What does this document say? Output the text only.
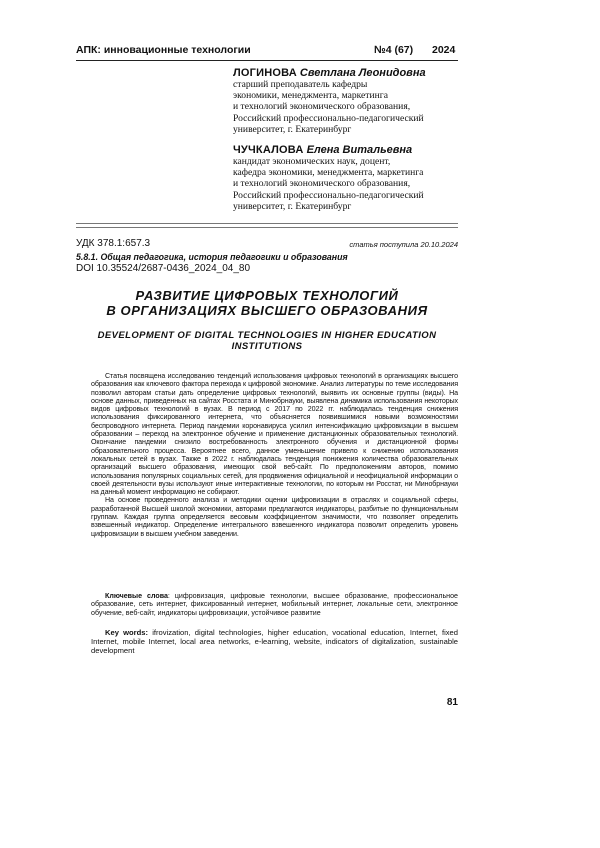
АПК: инновационные технологии	№4 (67) 2024
ЛОГИНОВА Светлана Леонидовна
старший преподаватель кафедры
экономики, менеджмента, маркетинга
и технологий экономического образования,
Российский профессионально-педагогический
университет, г. Екатеринбург
ЧУЧКАЛОВА Елена Витальевна
кандидат экономических наук, доцент,
кафедра экономики, менеджмента, маркетинга
и технологий экономического образования,
Российский профессионально-педагогический
университет, г. Екатеринбург
УДК 378.1:657.3	статья поступила 20.10.2024
5.8.1. Общая педагогика, история педагогики и образования
DOI 10.35524/2687-0436_2024_04_80
РАЗВИТИЕ ЦИФРОВЫХ ТЕХНОЛОГИЙ
В ОРГАНИЗАЦИЯХ ВЫСШЕГО ОБРАЗОВАНИЯ
DEVELOPMENT OF DIGITAL TECHNOLOGIES IN HIGHER EDUCATION
INSTITUTIONS

Статья посвящена исследованию тенденций использования цифровых технологий в организациях высшего образования как ключевого фактора перехода к цифровой экономике. Анализ литературы по теме исследования позволил авторам статьи дать определение цифровых технологий, выявить их основные группы (виды). На основе данных, приведенных на сайтах Росстата и Минобрнауки, выявлена динамика использования некоторых видов цифровых технологий в вузах. В период с 2017 по 2022 гг. наблюдалась тенденция снижения использования фиксированного интернета, что объясняется появившимися новыми возможностями беспроводного интернета. Период пандемии коронавируса усилил интенсификацию цифровизации в высшем образовании – переход на электронное обучение и применение дистанционных образовательных технологий. Окончание пандемии снизило востребованность электронного обучения и дистанционной формы образовательного процесса. Вероятнее всего, данное уменьшение привело к снижению использования локальных сетей в вузах. Также в 2022 г. наблюдалась тенденция понижения количества образовательных организаций высшего образования, имеющих свой веб-сайт. По предположениям авторов, помимо использования популярных социальных сетей, для продвижения официальной и неофициальной информации о своей деятельности вузы используют иные интерактивные технологии, по которым ни Росстат, ни Минобрнауки на данный момент информацию не собирают.

На основе проведенного анализа и методики оценки цифровизации в отраслях и социальной сферы, разработанной Высшей школой экономики, авторами предлагаются индикаторы, разбитые по функциональным группам. Каждая группа определяется весовым коэффициентом значимости, что позволяет определить взвешенный индикатор. Определение интегрального взвешенного индикатора позволит определить уровень цифровизации в высшем учебном заведении.

Ключевые слова: цифровизация, цифровые технологии, высшее образование, профессиональное образование, сеть интернет, фиксированный интернет, мобильный интернет, локальные сети, электронное обучение, веб-сайт, индикаторы цифровизации, устойчивое развитие
Key words: ifrovization, digital technologies, higher education, vocational education, Internet, fixed Internet, mobile Internet, local area networks, e-learning, website, indicators of digitalization, sustainable development
81
